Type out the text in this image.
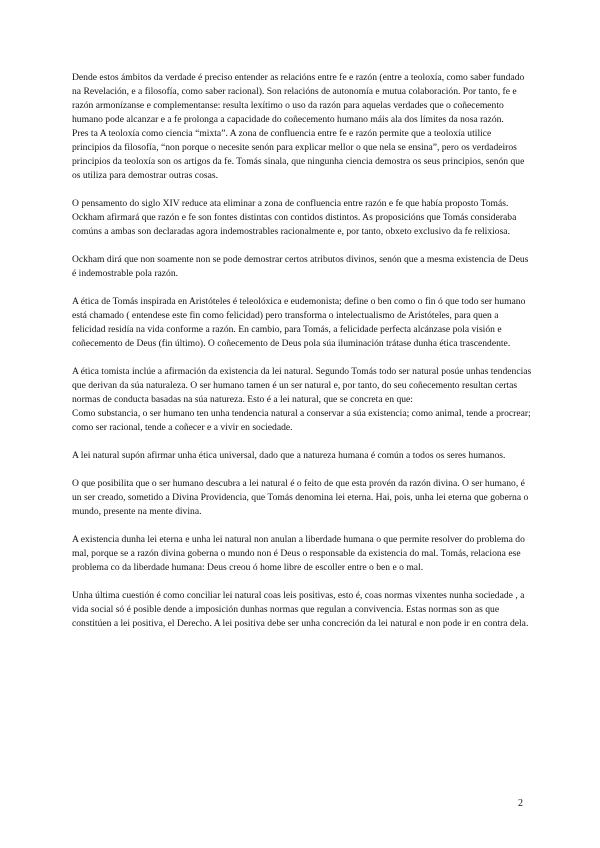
Dende estos ámbitos da verdade é preciso entender as relacións entre fe e razón (entre a teoloxía, como saber fundado na Revelación, e a filosofía, como saber racional). Son relacións de autonomía e mutua colaboración. Por tanto, fe e razón armonízanse e complementanse: resulta lexítimo o uso da razón para aquelas verdades que o coñecemento humano pode alcanzar e a fe prolonga a capacidade do coñecemento humano máis ala dos límites da nosa razón.

Pres ta A teoloxía como ciencia “mixta”. A zona de confluencia entre fe e razón permite que a teoloxía utilice principios da filosofía, “non porque o necesite senón para explicar mellor o que nela se ensina”, pero os verdadeiros principios da teoloxía son os artigos da fe. Tomás sinala, que ningunha ciencia demostra os seus principios, senón que os utiliza para demostrar outras cosas.

O pensamento do siglo XIV reduce ata eliminar a zona de confluencia entre razón e fe que había proposto Tomás. Ockham afirmará que razón e fe son fontes distintas con contidos distintos. As proposicións que Tomás consideraba comúns a ambas son declaradas agora indemostrables racionalmente e, por tanto, obxeto exclusivo da fe relixiosa.

Ockham dirá que non soamente non se pode demostrar certos atributos divinos, senón que a mesma existencia de Deus é indemostrable pola razón.

A ética de Tomás inspirada en Aristóteles é teleolóxica e eudemonista; define o ben como o fin ó que todo ser humano está chamado ( entendese este fin como felicidad) pero transforma o intelectualismo de Aristóteles, para quen a felicidad residía na vida conforme a razón. En cambio, para Tomás, a felicidade perfecta alcánzase pola visión e coñecemento de Deus (fin último). O coñecemento de Deus pola súa iluminación trátase dunha ética trascendente.

A ética tomista inclúe a afirmación da existencia da lei natural. Segundo Tomás todo ser natural posúe unhas tendencias que derivan da súa naturaleza. O ser humano tamen é un ser natural e, por tanto, do seu coñecemento resultan certas normas de conducta basadas na súa natureza. Esto é a lei natural, que se concreta en que:

Como substancia, o ser humano ten unha tendencia natural a conservar a súa existencia; como animal, tende a procrear; como ser racional, tende a coñecer e a vivir en sociedade.

A lei natural supón afirmar unha ética universal, dado que a natureza humana é común a todos os seres humanos.

O que posibilita que o ser humano descubra a lei natural é o feito de que esta provén da razón divina. O ser humano, é un ser creado, sometido a Divina Providencia, que Tomás denomina lei eterna. Hai, pois, unha lei eterna que goberna o mundo, presente na mente divina.

A existencia dunha lei eterna e unha lei natural non anulan a liberdade humana o que permite resolver do problema do mal, porque se a razón divina goberna o mundo non é Deus o responsable da existencia do mal. Tomás, relaciona ese problema co da liberdade humana: Deus creou ó home libre de escoller entre o ben e o mal.

Unha última cuestión é como conciliar lei natural coas leis positivas, esto é, coas normas vixentes nunha sociedade , a vida social só é posible dende a imposición dunhas normas que regulan a convivencia. Estas normas son as que constitúen a lei positiva, el Derecho. A lei positiva debe ser unha concreción da lei natural e non pode ir en contra dela.

2
